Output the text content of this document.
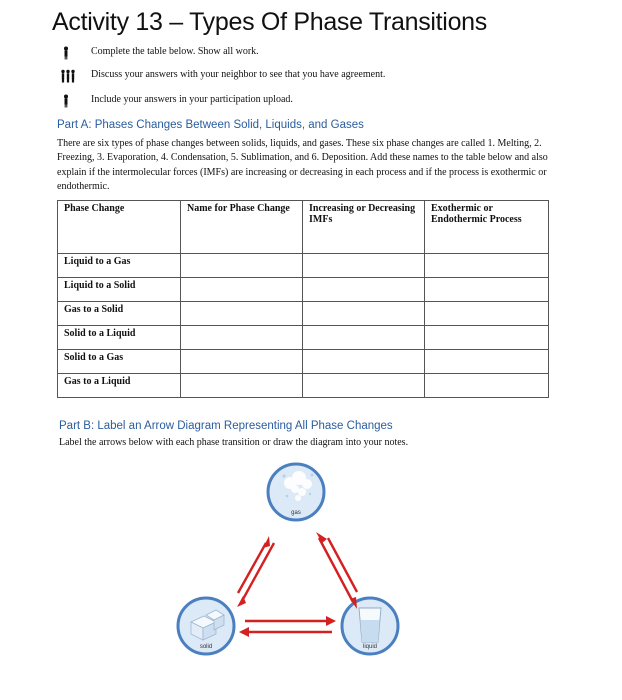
Activity 13 – Types Of Phase Transitions
Complete the table below. Show all work.
Discuss your answers with your neighbor to see that you have agreement.
Include your answers in your participation upload.
Part A: Phases Changes Between Solid, Liquids, and Gases
There are six types of phase changes between solids, liquids, and gases. These six phase changes are called 1. Melting, 2. Freezing, 3. Evaporation, 4. Condensation, 5. Sublimation, and 6. Deposition. Add these names to the table below and also explain if the intermolecular forces (IMFs) are increasing or decreasing in each process and if the process is exothermic or endothermic.
Phase Change	Name for Phase Change	Increasing or Decreasing IMFs	Exothermic or Endothermic Process
Liquid to a Gas			
Liquid to a Solid			
Gas to a Solid			
Solid to a Liquid			
Solid to a Gas			
Gas to a Liquid			
Part B: Label an Arrow Diagram Representing All Phase Changes
Label the arrows below with each phase transition or draw the diagram into your notes.
gas
solid	liquid
